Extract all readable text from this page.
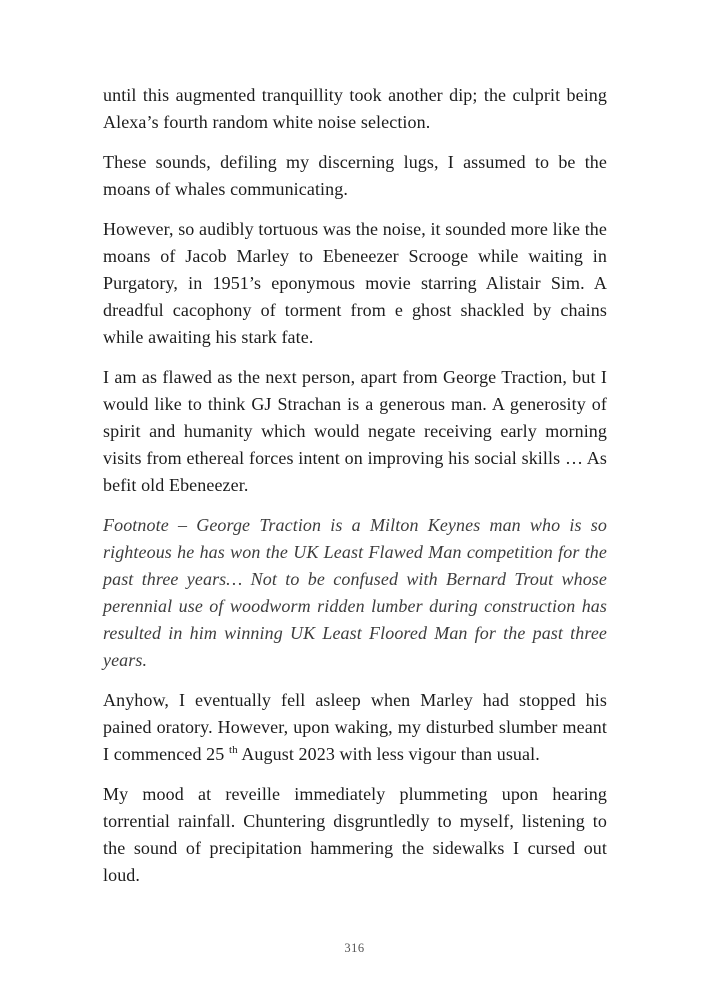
until this augmented tranquillity took another dip; the culprit being Alexa’s fourth random white noise selection.

These sounds, defiling my discerning lugs, I assumed to be the moans of whales communicating.

However, so audibly tortuous was the noise, it sounded more like the moans of Jacob Marley to Ebeneezer Scrooge while waiting in Purgatory, in 1951’s eponymous movie starring Alistair Sim. A dreadful cacophony of torment from e ghost shackled by chains while awaiting his stark fate.

I am as flawed as the next person, apart from George Traction, but I would like to think GJ Strachan is a generous man. A generosity of spirit and humanity which would negate receiving early morning visits from ethereal forces intent on improving his social skills … As befit old Ebeneezer.

Footnote – George Traction is a Milton Keynes man who is so righteous he has won the UK Least Flawed Man competition for the past three years… Not to be confused with Bernard Trout whose perennial use of woodworm ridden lumber during construction has resulted in him winning UK Least Floored Man for the past three years.

Anyhow, I eventually fell asleep when Marley had stopped his pained oratory. However, upon waking, my disturbed slumber meant I commenced 25 $^{th}$ August 2023 with less vigour than usual.

My mood at reveille immediately plummeting upon hearing torrential rainfall. Chuntering disgruntledly to myself, listening to the sound of precipitation hammering the sidewalks I cursed out loud.

316
